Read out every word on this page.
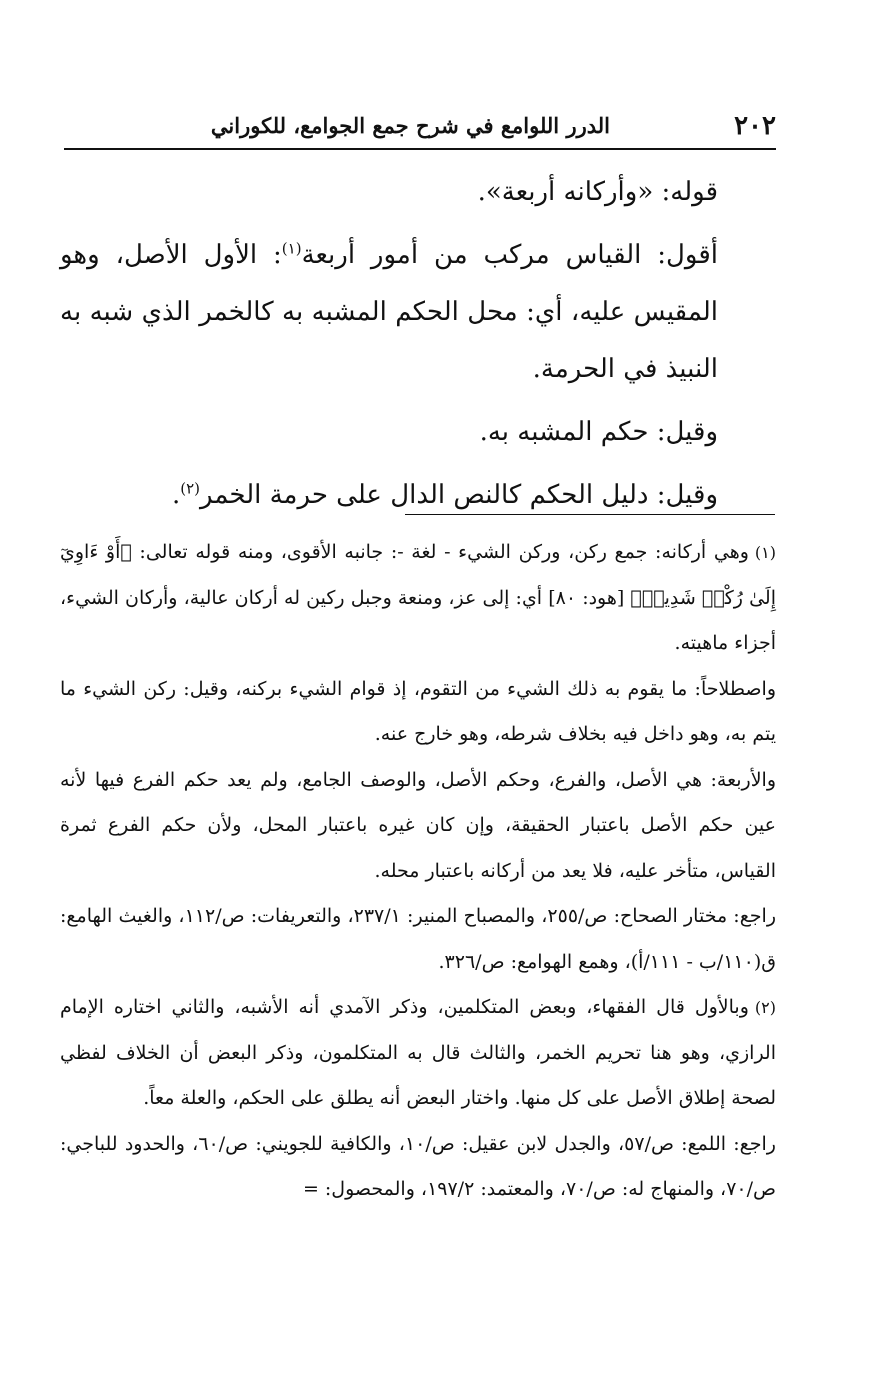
٢٠٢
الدرر اللوامع في شرح جمع الجوامع، للكوراني

قوله: «وأركانه أربعة».

أقول: القياس مركب من أمور أربعة$^{(١)}$: الأول الأصل، وهو المقيس عليه، أي: محل الحكم المشبه به كالخمر الذي شبه به النبيذ في الحرمة.

وقيل: حكم المشبه به.

وقيل: دليل الحكم كالنص الدال على حرمة الخمر$^{(٢)}$.

(١)وهي أركانه: جمع ركن، وركن الشيء - لغة -: جانبه الأقوى، ومنه قوله تعالى: ﴿أَوْ ءَاوِيٓ إِلَىٰ رُكْنٖ شَدِيدٖ﴾ [هود: ٨٠] أي: إلى عز، ومنعة وجبل ركين له أركان عالية، وأركان الشيء، أجزاء ماهيته.

واصطلاحاً: ما يقوم به ذلك الشيء من التقوم، إذ قوام الشيء بركنه، وقيل: ركن الشيء ما يتم به، وهو داخل فيه بخلاف شرطه، وهو خارج عنه.

والأربعة: هي الأصل، والفرع، وحكم الأصل، والوصف الجامع، ولم يعد حكم الفرع فيها لأنه عين حكم الأصل باعتبار الحقيقة، وإن كان غيره باعتبار المحل، ولأن حكم الفرع ثمرة القياس، متأخر عليه، فلا يعد من أركانه باعتبار محله.

راجع: مختار الصحاح: ص/٢٥٥، والمصباح المنير: ٢٣٧/١، والتعريفات: ص/١١٢، والغيث الهامع: ق(١١٠/ب - ١١١/أ)، وهمع الهوامع: ص/٣٢٦.

(٢)وبالأول قال الفقهاء، وبعض المتكلمين، وذكر الآمدي أنه الأشبه، والثاني اختاره الإمام الرازي، وهو هنا تحريم الخمر، والثالث قال به المتكلمون، وذكر البعض أن الخلاف لفظي لصحة إطلاق الأصل على كل منها. واختار البعض أنه يطلق على الحكم، والعلة معاً.

راجع: اللمع: ص/٥٧، والجدل لابن عقيل: ص/١٠، والكافية للجويني: ص/٦٠، والحدود للباجي: ص/٧٠، والمنهاج له: ص/٧٠، والمعتمد: ١٩٧/٢، والمحصول: =
